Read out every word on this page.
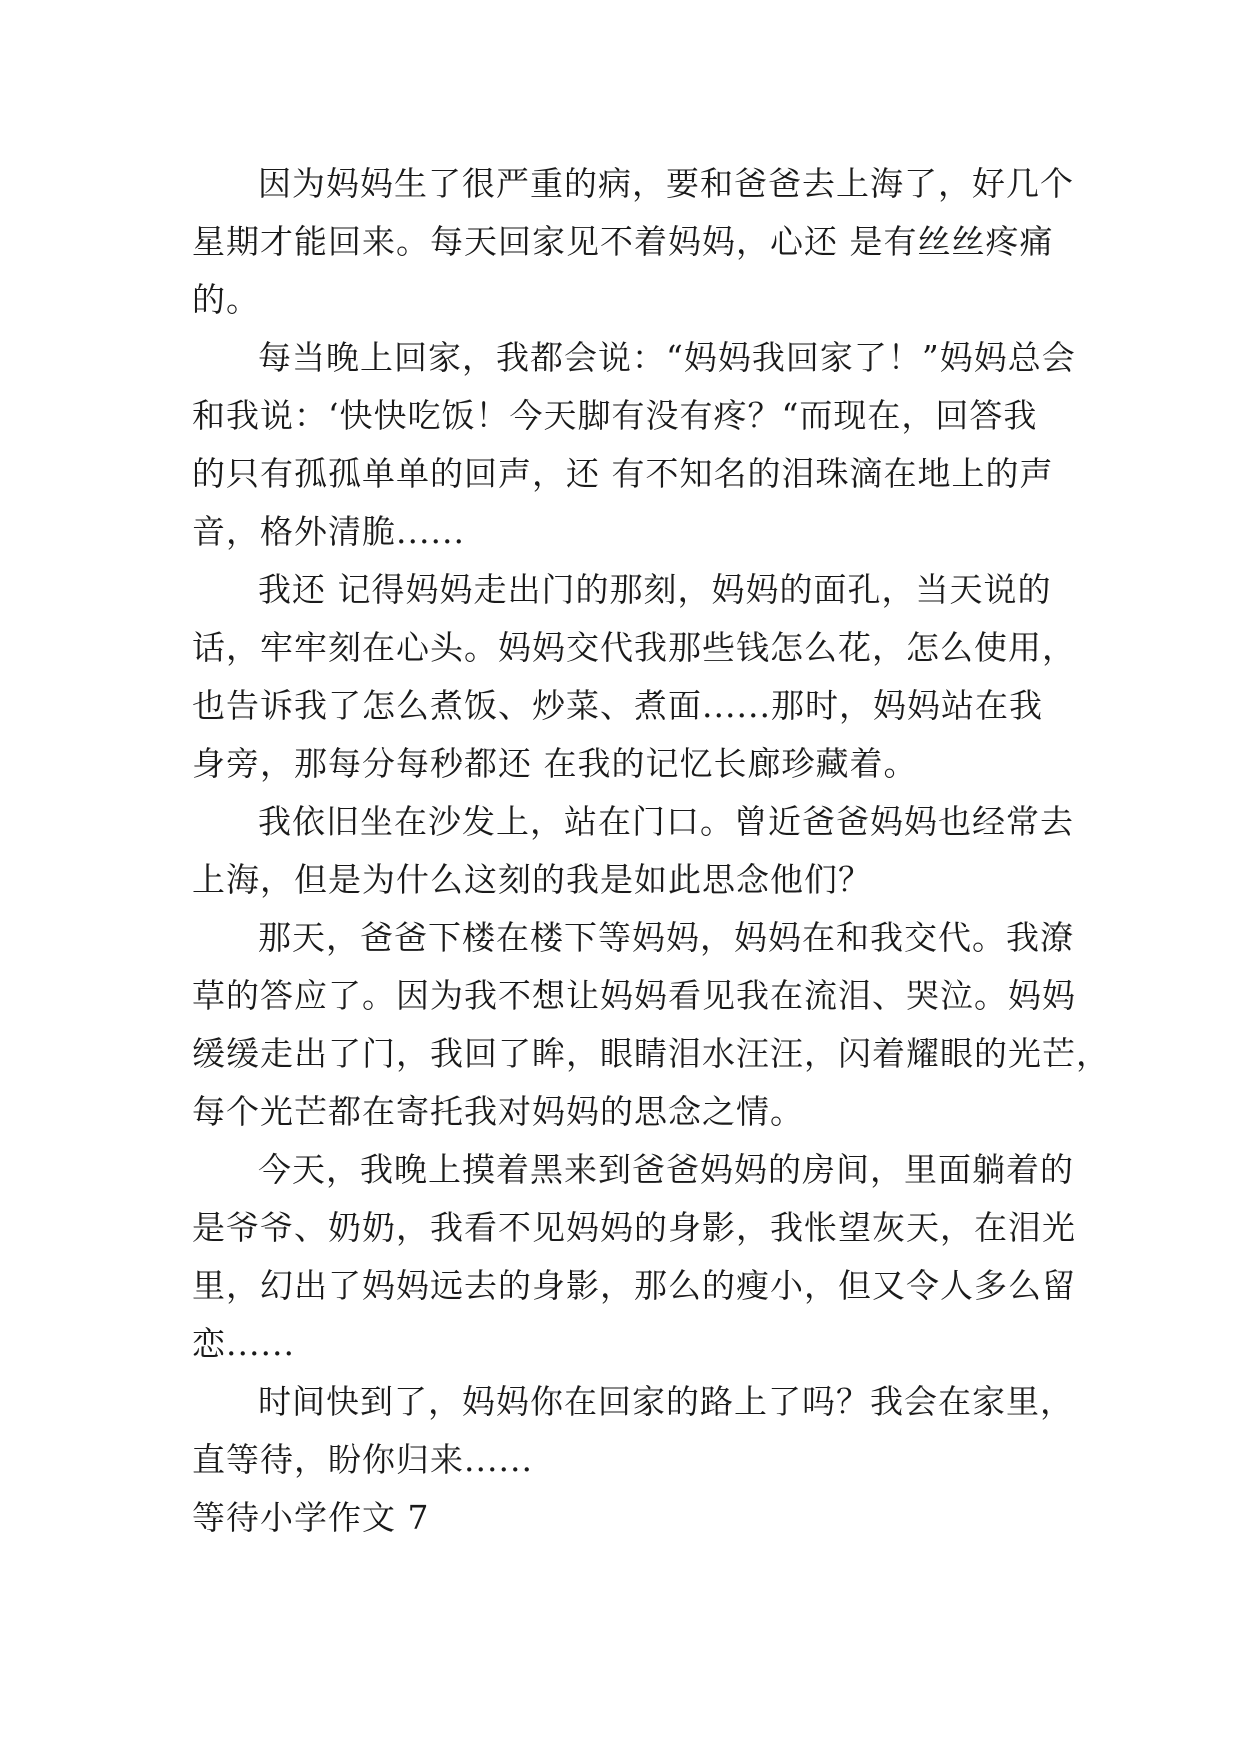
因为妈妈生了很严重的病，要和爸爸去上海了，好几个
星期才能回来。每天回家见不着妈妈，心还 是有丝丝疼痛
的。
每当晚上回家，我都会说：“妈妈我回家了！”妈妈总会
和我说：‘快快吃饭！今天脚有没有疼？“而现在，回答我
的只有孤孤单单的回声，还 有不知名的泪珠滴在地上的声
音，格外清脆......
我还 记得妈妈走出门的那刻，妈妈的面孔，当天说的
话，牢牢刻在心头。妈妈交代我那些钱怎么花，怎么使用，
也告诉我了怎么煮饭、炒菜、煮面......那时，妈妈站在我
身旁，那每分每秒都还 在我的记忆长廊珍藏着。
我依旧坐在沙发上，站在门口。曾近爸爸妈妈也经常去
上海，但是为什么这刻的我是如此思念他们？
那天，爸爸下楼在楼下等妈妈，妈妈在和我交代。我潦
草的答应了。因为我不想让妈妈看见我在流泪、哭泣。妈妈
缓缓走出了门，我回了眸，眼睛泪水汪汪，闪着耀眼的光芒，
每个光芒都在寄托我对妈妈的思念之情。
今天，我晚上摸着黑来到爸爸妈妈的房间，里面躺着的
是爷爷、奶奶，我看不见妈妈的身影，我怅望灰天，在泪光
里，幻出了妈妈远去的身影，那么的瘦小，但又令人多么留
恋......
时间快到了，妈妈你在回家的路上了吗？我会在家里，
直等待，盼你归来......
等待小学作文 7
